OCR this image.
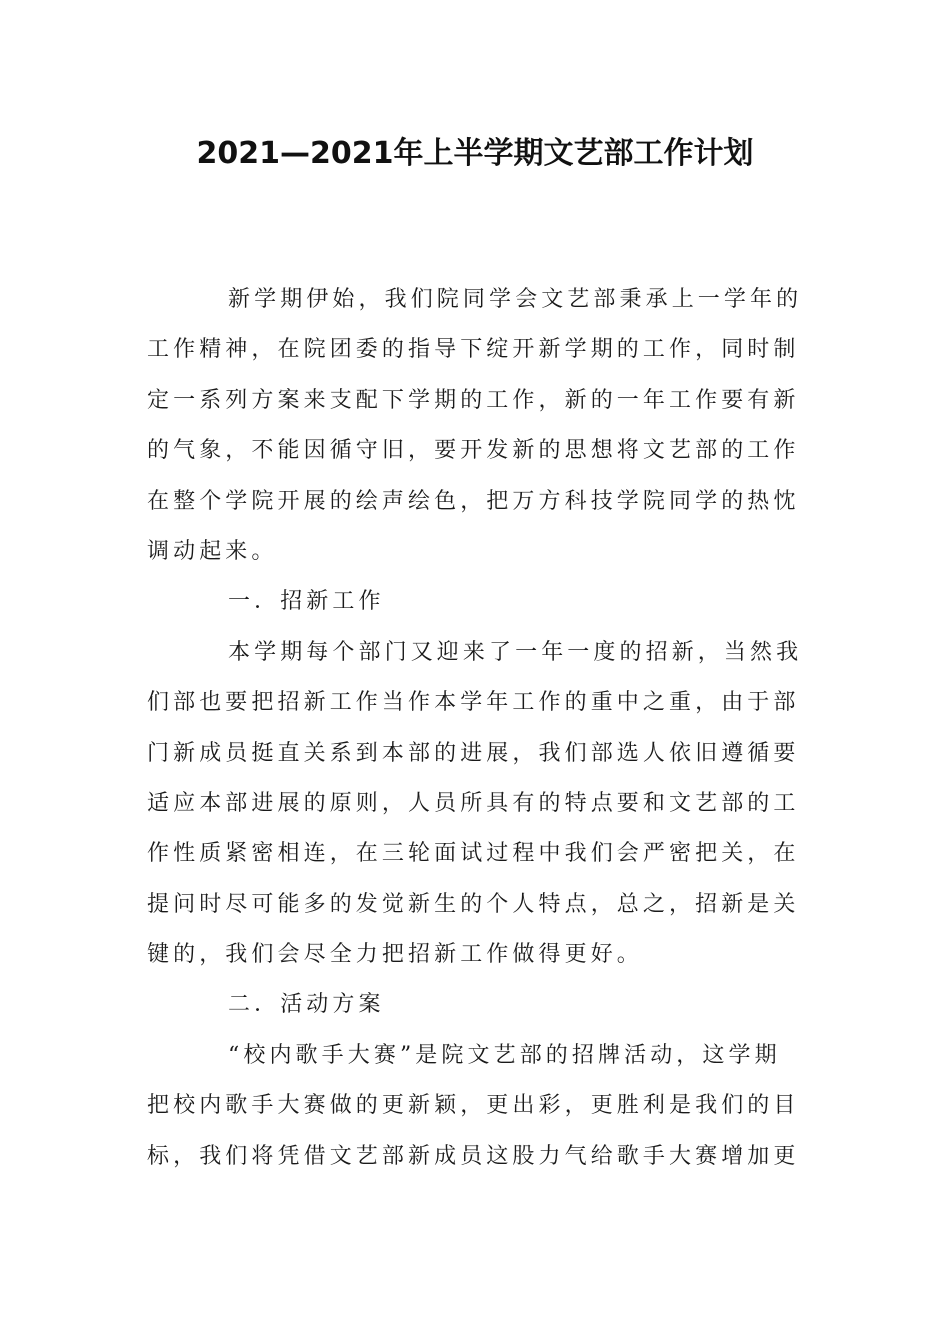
2021—2021年上半学期文艺部工作计划
新学期伊始，我们院同学会文艺部秉承上一学年的
工作精神，在院团委的指导下绽开新学期的工作，同时制
定一系列方案来支配下学期的工作，新的一年工作要有新
的气象，不能因循守旧，要开发新的思想将文艺部的工作
在整个学院开展的绘声绘色，把万方科技学院同学的热忱
调动起来。
一．招新工作
本学期每个部门又迎来了一年一度的招新，当然我
们部也要把招新工作当作本学年工作的重中之重，由于部
门新成员挺直关系到本部的进展，我们部选人依旧遵循要
适应本部进展的原则，人员所具有的特点要和文艺部的工
作性质紧密相连，在三轮面试过程中我们会严密把关，在
提问时尽可能多的发觉新生的个人特点，总之，招新是关
键的，我们会尽全力把招新工作做得更好。
二．活动方案
“校内歌手大赛”是院文艺部的招牌活动，这学期
把校内歌手大赛做的更新颖，更出彩，更胜利是我们的目
标，我们将凭借文艺部新成员这股力气给歌手大赛增加更
